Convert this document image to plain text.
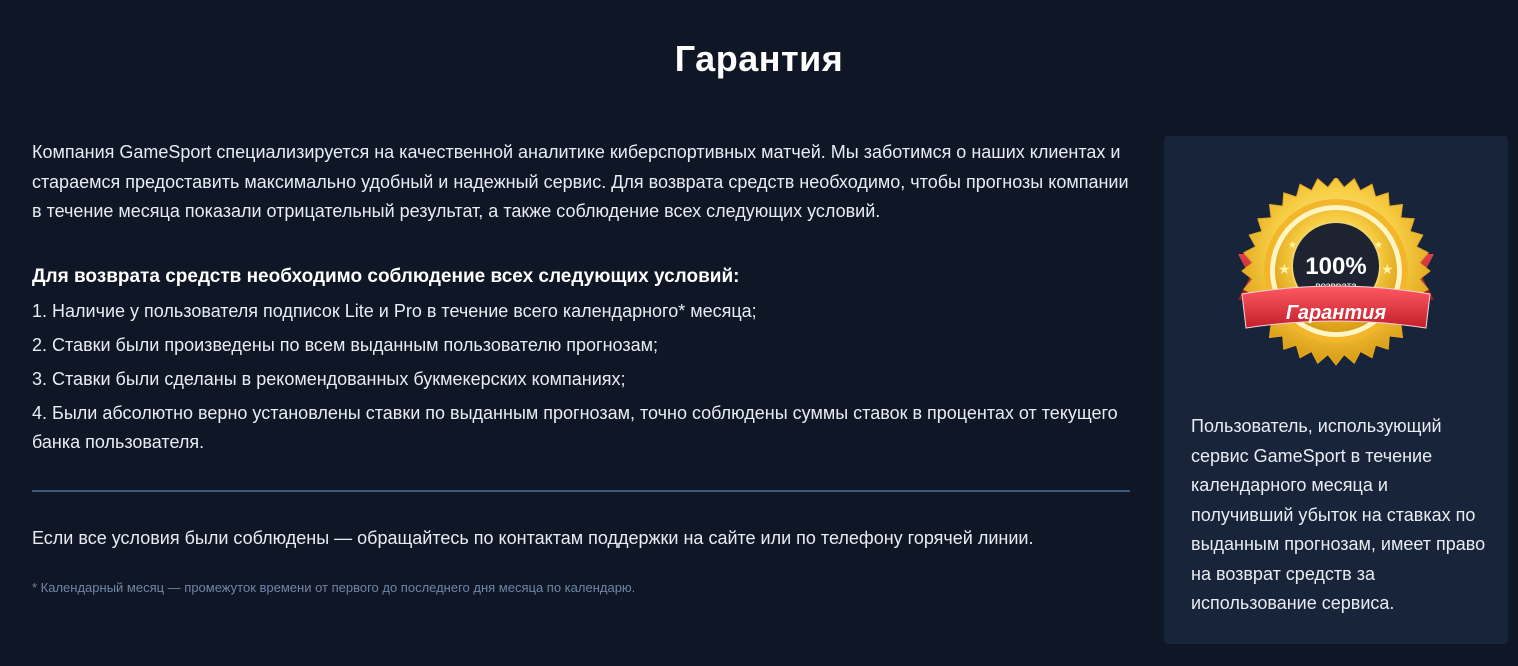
Гарантия

Компания GameSport специализируется на качественной аналитике киберспортивных матчей. Мы заботимся о наших клиентах и стараемся предоставить максимально удобный и надежный сервис. Для возврата средств необходимо, чтобы прогнозы компании в течение месяца показали отрицательный результат, а также соблюдение всех следующих условий.

Для возврата средств необходимо соблюдение всех следующих условий:
1. Наличие у пользователя подписок Lite и Pro в течение всего календарного* месяца;
2. Ставки были произведены по всем выданным пользователю прогнозам;
3. Ставки были сделаны в рекомендованных букмекерских компаниях;
4. Были абсолютно верно установлены ставки по выданным прогнозам, точно соблюдены суммы ставок в процентах от текущего банка пользователя.
Если все условия были соблюдены — обращайтесь по контактам поддержки на сайте или по телефону горячей линии.
* Календарный месяц — промежуток времени от первого до последнего дня месяца по календарю.
★	★
★	★
100%
Гарантия
Пользователь, использующий сервис GameSport в течение календарного месяца и получивший убыток на ставках по выданным прогнозам, имеет право на возврат средств за использование сервиса.
